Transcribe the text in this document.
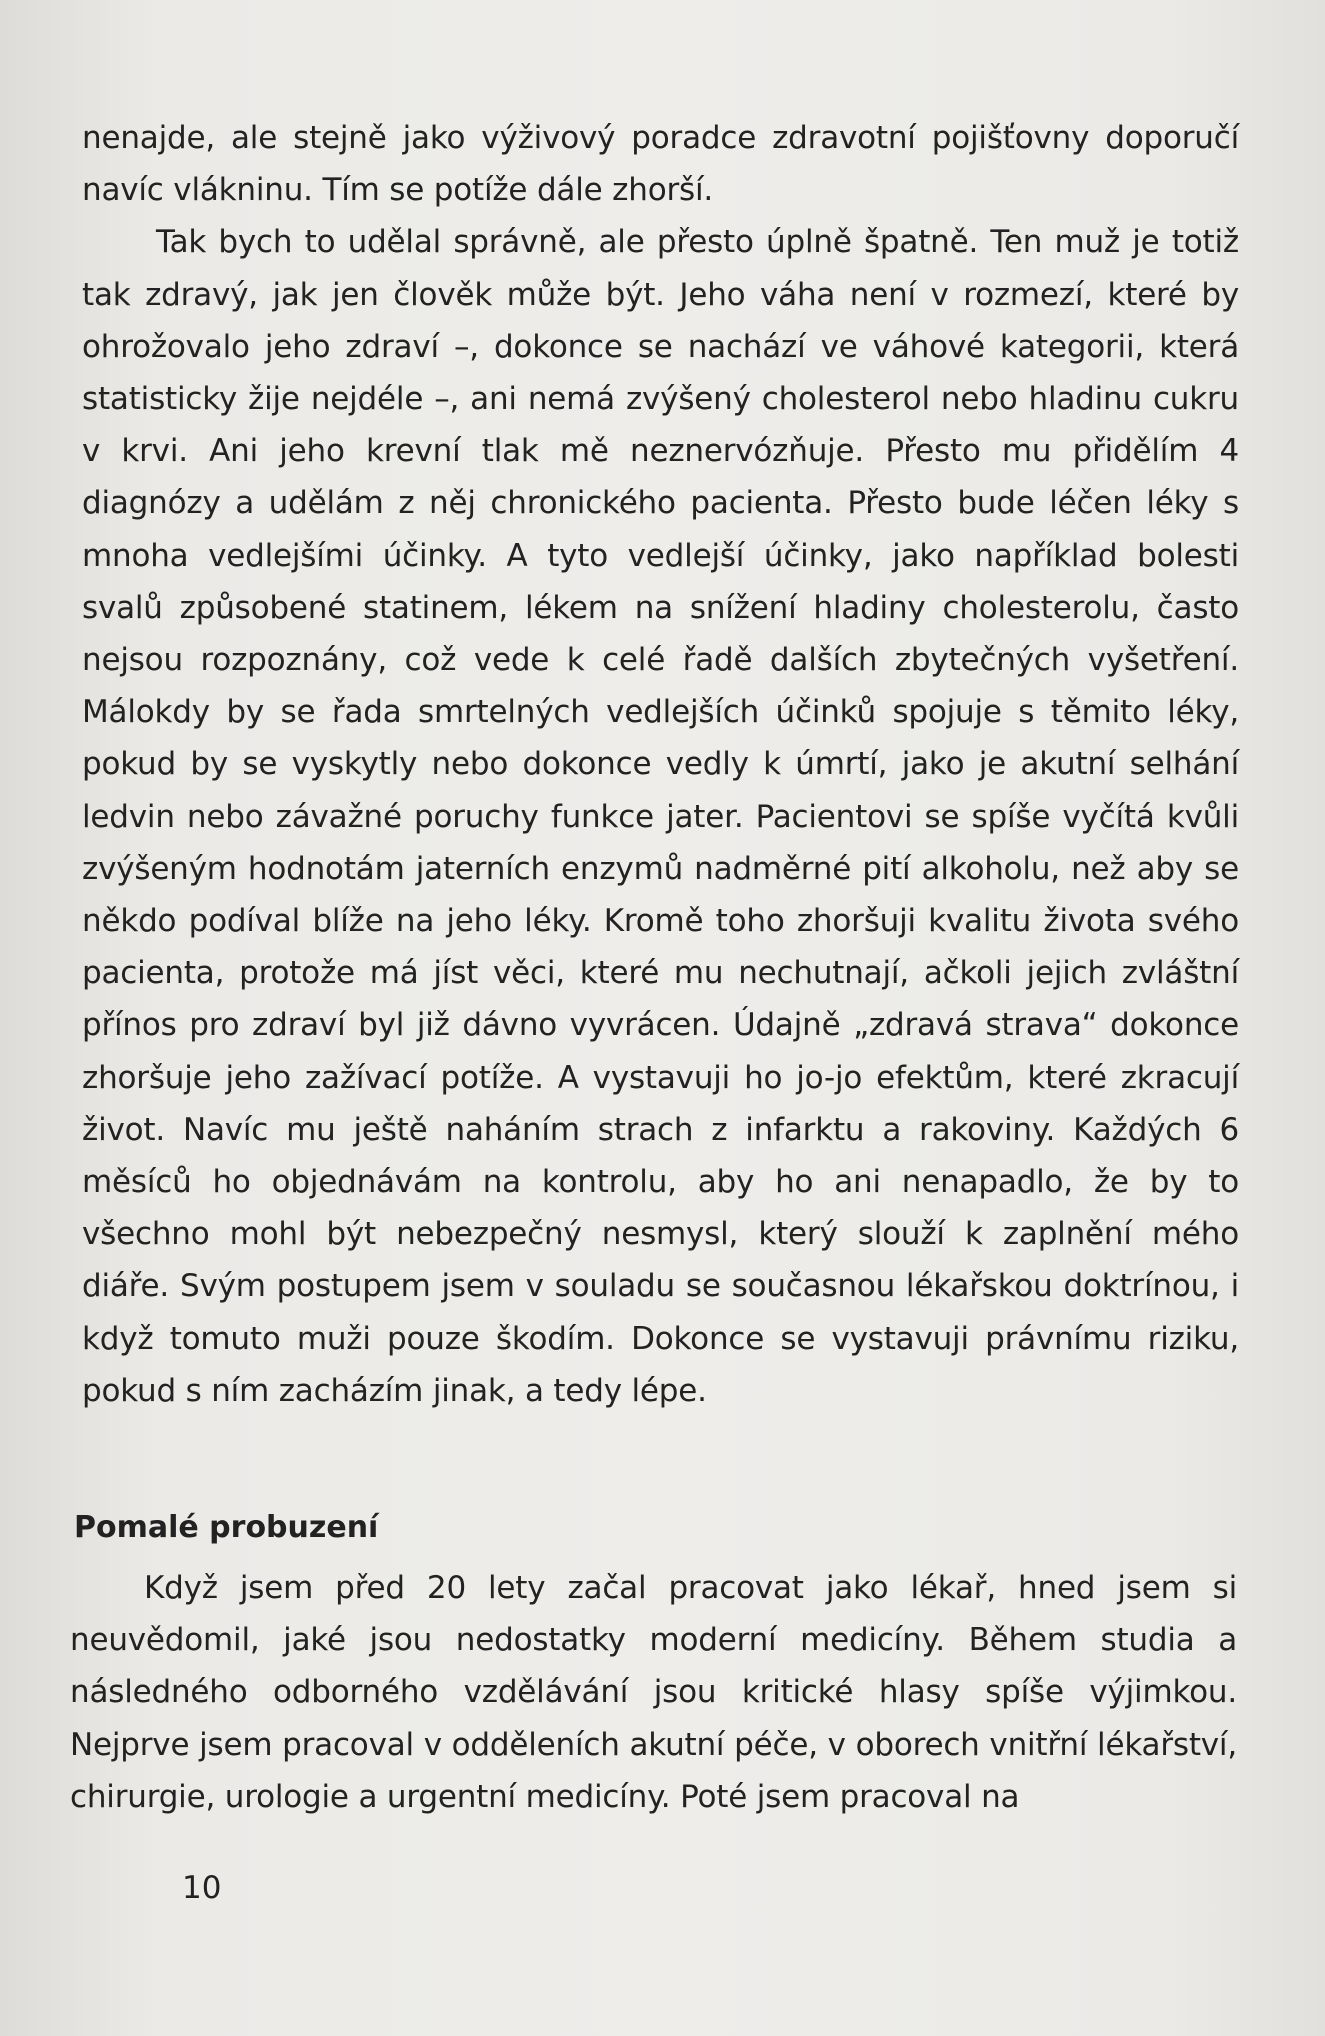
nenajde, ale stejně jako výživový poradce zdravotní pojišťovny doporučí navíc vlákninu. Tím se potíže dále zhorší.

Tak bych to udělal správně, ale přesto úplně špatně. Ten muž je totiž tak zdravý, jak jen člověk může být. Jeho váha není v rozmezí, které by ohrožovalo jeho zdraví –, dokonce se nachází ve váhové kategorii, která statisticky žije nejdéle –, ani nemá zvýšený cholesterol nebo hladinu cukru v krvi. Ani jeho krevní tlak mě neznervózňuje. Přesto mu přidělím 4 diagnózy a udělám z něj chronického pacienta. Přesto bude léčen léky s mnoha vedlejšími účinky. A tyto vedlejší účinky, jako například bolesti svalů způsobené statinem, lékem na snížení hladiny cholesterolu, často nejsou rozpoznány, což vede k celé řadě dalších zbytečných vyšetření. Málokdy by se řada smrtelných vedlejších účinků spojuje s těmito léky, pokud by se vyskytly nebo dokonce vedly k úmrtí, jako je akutní selhání ledvin nebo závažné poruchy funkce jater. Pacientovi se spíše vyčítá kvůli zvýšeným hodnotám jaterních enzymů nadměrné pití alkoholu, než aby se někdo podíval blíže na jeho léky. Kromě toho zhoršuji kvalitu života svého pacienta, protože má jíst věci, které mu nechutnají, ačkoli jejich zvláštní přínos pro zdraví byl již dávno vyvrácen. Údajně „zdravá strava“ dokonce zhoršuje jeho zažívací potíže. A vystavuji ho jo-jo efektům, které zkracují život. Navíc mu ještě naháním strach z infarktu a rakoviny. Každých 6 měsíců ho objednávám na kontrolu, aby ho ani nenapadlo, že by to všechno mohl být nebezpečný nesmysl, který slouží k zaplnění mého diáře. Svým postupem jsem v souladu se současnou lékařskou doktrínou, i když tomuto muži pouze škodím. Dokonce se vystavuji právnímu riziku, pokud s ním zacházím jinak, a tedy lépe.

Pomalé probuzení

Když jsem před 20 lety začal pracovat jako lékař, hned jsem si neuvědomil, jaké jsou nedostatky moderní medicíny. Během studia a následného odborného vzdělávání jsou kritické hlasy spíše výjimkou. Nejprve jsem pracoval v odděleních akutní péče, v oborech vnitřní lékařství, chirurgie, urologie a urgentní medicíny. Poté jsem pracoval na

10
